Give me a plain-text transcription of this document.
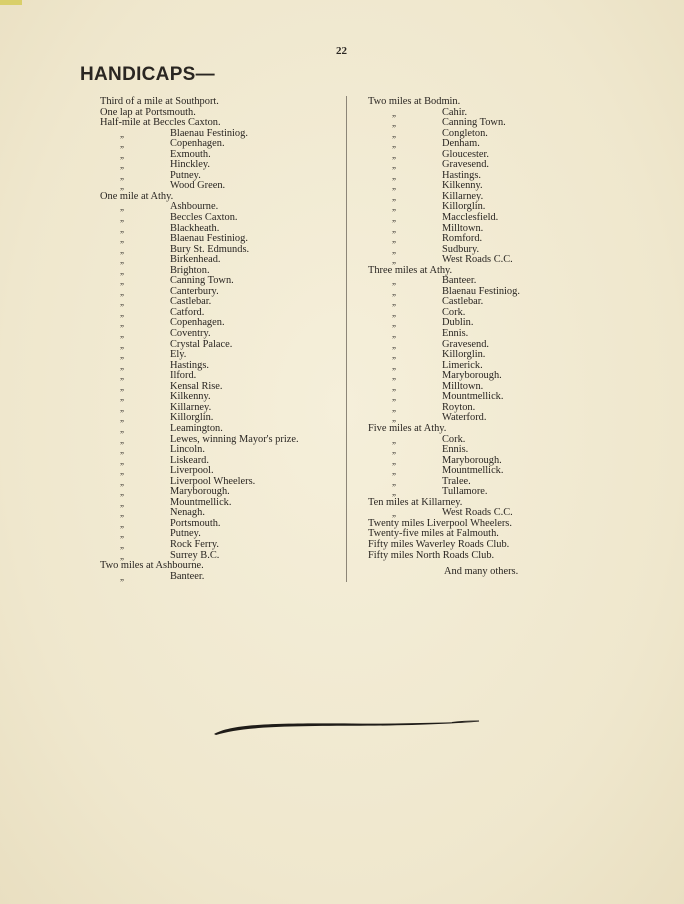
22
HANDICAPS—
Third of a mile at Southport.
One lap at Portsmouth.
Half-mile at Beccles Caxton.
„	Blaenau Festiniog.
„	Copenhagen.
„	Exmouth.
„	Hinckley.
„	Putney.
„	Wood Green.
One mile at Athy.
„	Ashbourne.
„	Beccles Caxton.
„	Blackheath.
„	Blaenau Festiniog.
„	Bury St. Edmunds.
„	Birkenhead.
„	Brighton.
„	Canning Town.
„	Canterbury.
„	Castlebar.
„	Catford.
„	Copenhagen.
„	Coventry.
„	Crystal Palace.
„	Ely.
„	Hastings.
„	Ilford.
„	Kensal Rise.
„	Kilkenny.
„	Killarney.
„	Killorglin.
„	Leamington.
„	Lewes, winning Mayor's prize.
„	Lincoln.
„	Liskeard.
„	Liverpool.
„	Liverpool Wheelers.
„	Maryborough.
„	Mountmellick.
„	Nenagh.
„	Portsmouth.
„	Putney.
„	Rock Ferry.
„	Surrey B.C.
Two miles at Ashbourne.
„	Banteer.
Two miles at Bodmin.
„	Cahir.
„	Canning Town.
„	Congleton.
„	Denham.
„	Gloucester.
„	Gravesend.
„	Hastings.
„	Kilkenny.
„	Killarney.
„	Killorglin.
„	Macclesfield.
„	Milltown.
„	Romford.
„	Sudbury.
„	West Roads C.C.
Three miles at Athy.
„	Banteer.
„	Blaenau Festiniog.
„	Castlebar.
„	Cork.
„	Dublin.
„	Ennis.
„	Gravesend.
„	Killorglin.
„	Limerick.
„	Maryborough.
„	Milltown.
„	Mountmellick.
„	Royton.
„	Waterford.
Five miles at Athy.
„	Cork.
„	Ennis.
„	Maryborough.
„	Mountmellick.
„	Tralee.
„	Tullamore.
Ten miles at Killarney.
„	West Roads C.C.
Twenty miles Liverpool Wheelers.
Twenty-five miles at Falmouth.
Fifty miles Waverley Roads Club.
Fifty miles North Roads Club.
And many others.
